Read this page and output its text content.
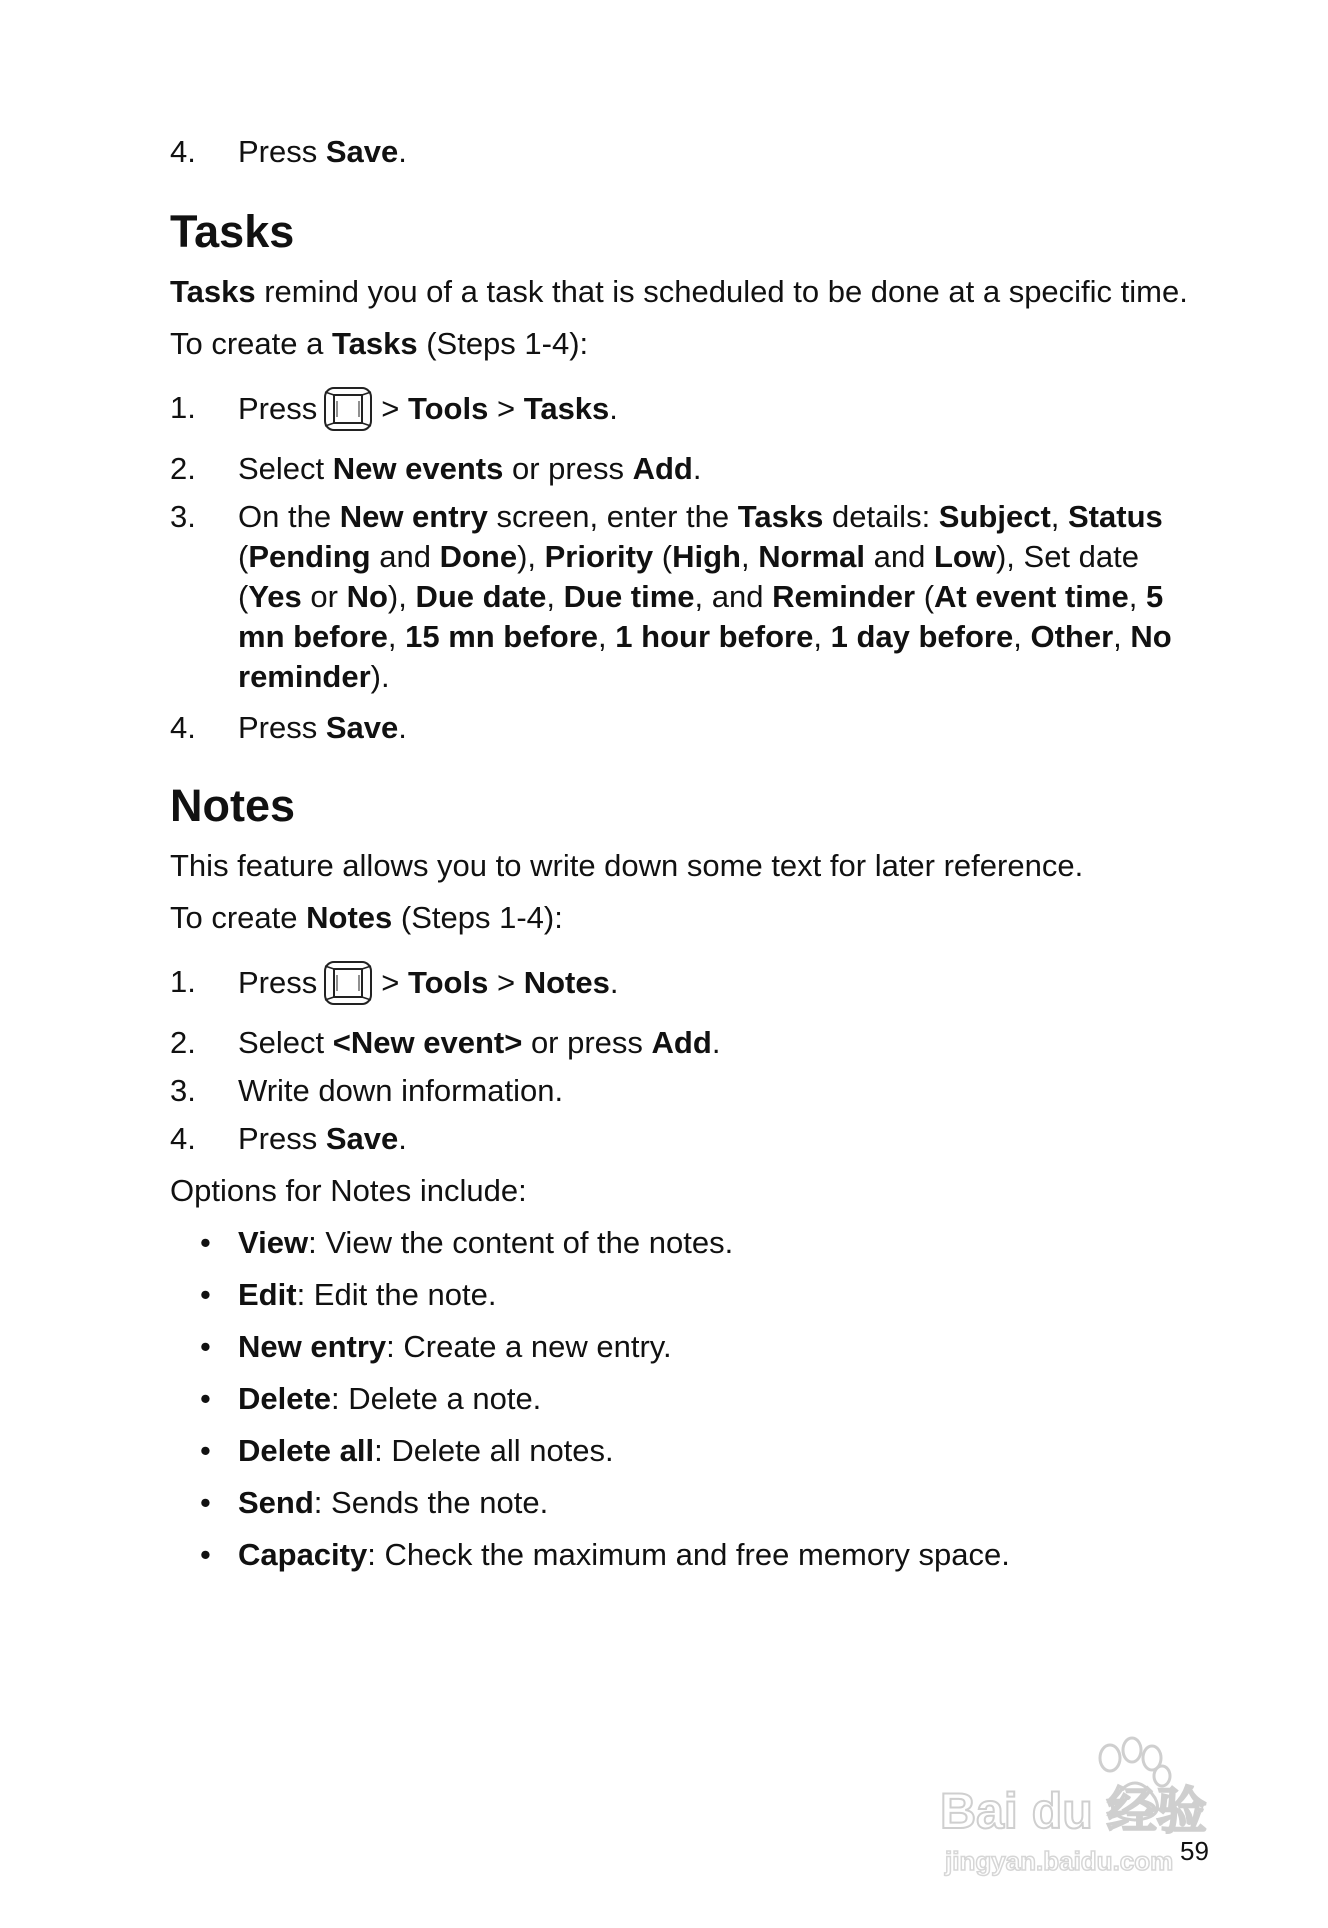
4. Press Save.
Tasks
Tasks remind you of a task that is scheduled to be done at a specific time.
To create a Tasks (Steps 1-4):
1. Press > Tools > Tasks.
2. Select New events or press Add.
3. On the New entry screen, enter the Tasks details: Subject, Status (Pending and Done), Priority (High, Normal and Low), Set date (Yes or No), Due date, Due time, and Reminder (At event time, 5 mn before, 15 mn before, 1 hour before, 1 day before, Other, No reminder).
4. Press Save.
Notes
This feature allows you to write down some text for later reference.
To create Notes (Steps 1-4):
1. Press > Tools > Notes.
2. Select <New event> or press Add.
3. Write down information.
4. Press Save.
Options for Notes include:
• View: View the content of the notes.
• Edit: Edit the note.
• New entry: Create a new entry.
• Delete: Delete a note.
• Delete all: Delete all notes.
• Send: Sends the note.
• Capacity: Check the maximum and free memory space.
Bai du 经验
jingyan.baidu.com 59
